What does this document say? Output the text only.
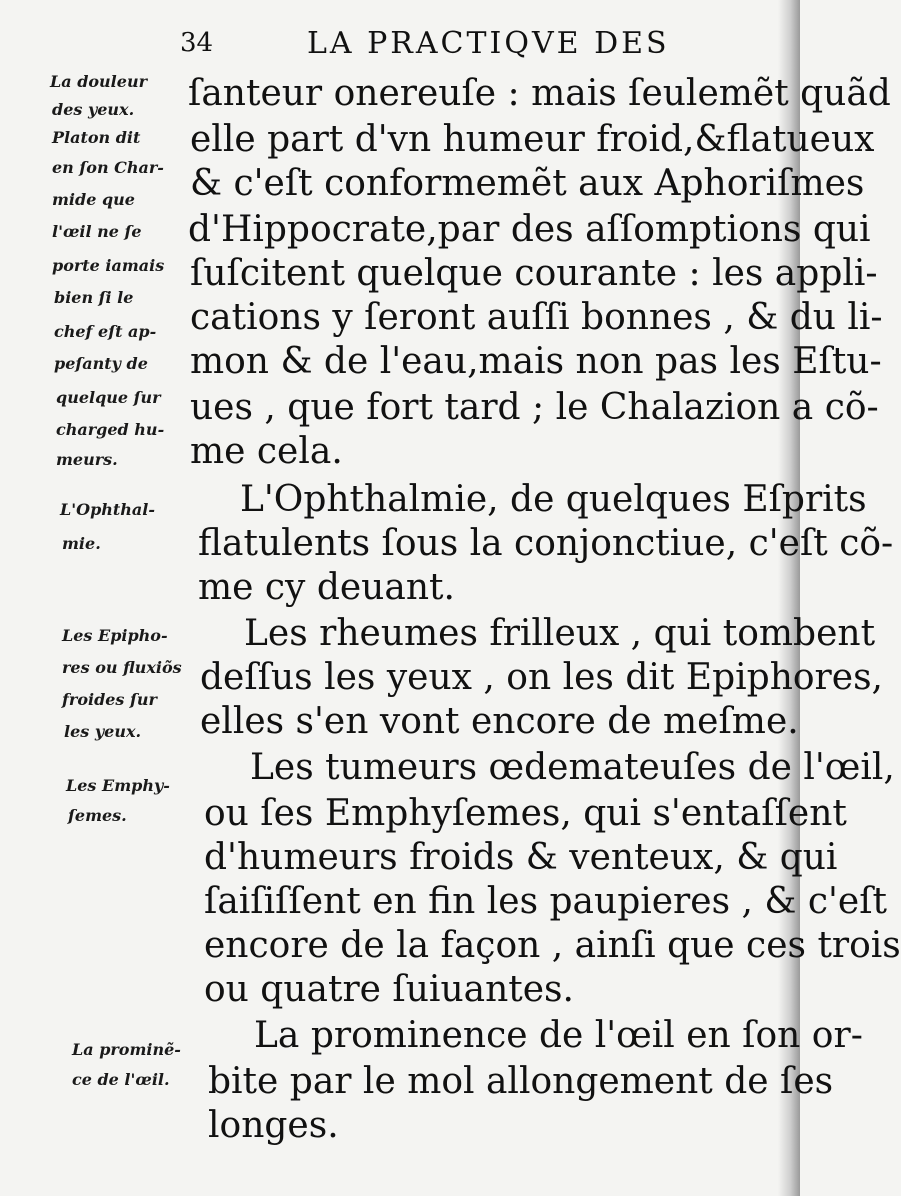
34	LA PRACTIQVE DES
ſanteur onereuſe : mais ſeulemẽt quãd
elle part d'vn humeur froid,&flatueux
& c'eſt conformemẽt aux Aphoriſmes
d'Hippocrate,par des aſſomptions qui
ſuſcitent quelque courante : les appli-
cations y ſeront auſſi bonnes , & du li-
mon & de l'eau,mais non pas les Eſtu-
ues , que fort tard ; le Chalazion a cõ-
me cela.
L'Ophthalmie, de quelques Eſprits
flatulents ſous la conjonctiue, c'eſt cõ-
me cy deuant.
Les rheumes frilleux , qui tombent
deſſus les yeux , on les dit Epiphores,
elles s'en vont encore de meſme.
Les tumeurs œdemateuſes de l'œil,
ou ſes Emphyſemes, qui s'entaſſent
d'humeurs froids & venteux, & qui
ſaiſiſſent en fin les paupieres , & c'eſt
encore de la façon , ainſi que ces trois
ou quatre ſuiuantes.
La prominence de l'œil en ſon or-
bite par le mol allongement de ſes
longes.
La douleur
des yeux.
Platon dit
en ſon Char-
mide que
l'œil ne ſe
porte iamais
bien ſi le
chef eſt ap-
peſanty de
quelque ſur
charged hu-
meurs.
L'Ophthal-
mie.
Les Epipho-
res ou fluxiõs
froides ſur
les yeux.
Les Emphy-
ſemes.
La prominẽ-
ce de l'œil.
